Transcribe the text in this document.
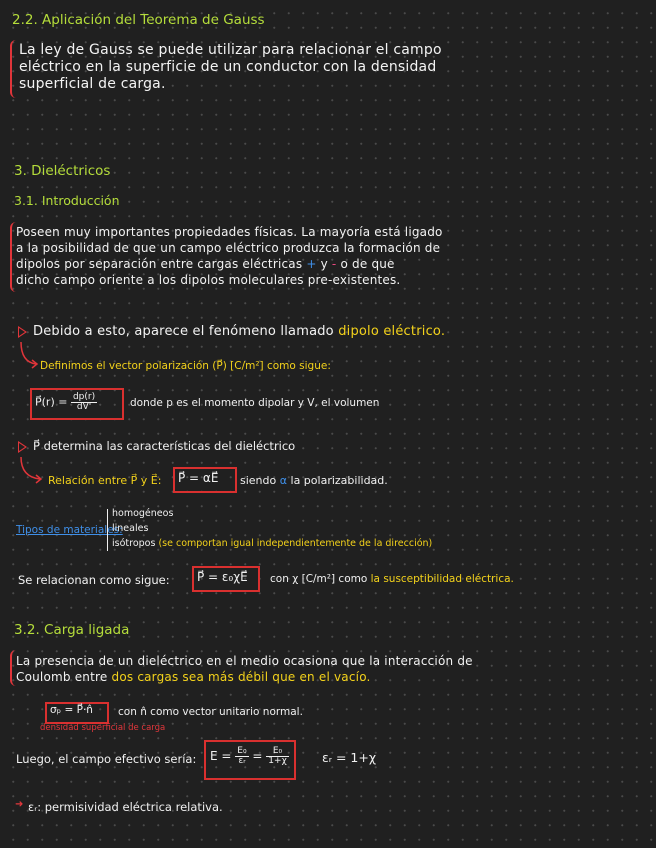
2.2. Aplicación del Teorema de Gauss
La ley de Gauss se puede utilizar para relacionar el campo
eléctrico en la superficie de un conductor con la densidad
superficial de carga.
3. Dieléctricos
3.1. Introducción
Poseen muy importantes propiedades físicas. La mayoría está ligado
a la posibilidad de que un campo eléctrico produzca la formación de
dipolos por separación entre cargas eléctricas + y - o de que
dicho campo oriente a los dipolos moleculares pre-existentes.
Debido a esto, aparece el fenómeno llamado dipolo eléctrico.
Definimos el vector polarización (P⃗) [C/m²] como sigue:
P⃗(r) = $\frac{dp(r)}{dV'}$	donde p es el momento dipolar y V, el volumen
P⃗ determina las características del dieléctrico
Relación entre P⃗ y E⃗: P⃗ = αE⃗ siendo α la polarizabilidad.
Tipos de materiales:
homogéneos
lineales
isótropos (se comportan igual independientemente de la dirección)
Se relacionan como sigue: P⃗ = ε₀χE⃗ con χ [C/m²] como la susceptibilidad eléctrica.
3.2. Carga ligada
La presencia de un dieléctrico en el medio ocasiona que la interacción de
Coulomb entre dos cargas sea más débil que en el vacío.
σₚ = P⃗·n̂ con n̂ como vector unitario normal.
densidad superficial de carga
Luego, el campo efectivo sería: $E = \frac{\text{E₀}}{\text{εᵣ}} = \frac{\text{E₀}}{1+\chi}$	εᵣ = 1+χ
➜ εᵣ: permisividad eléctrica relativa.
